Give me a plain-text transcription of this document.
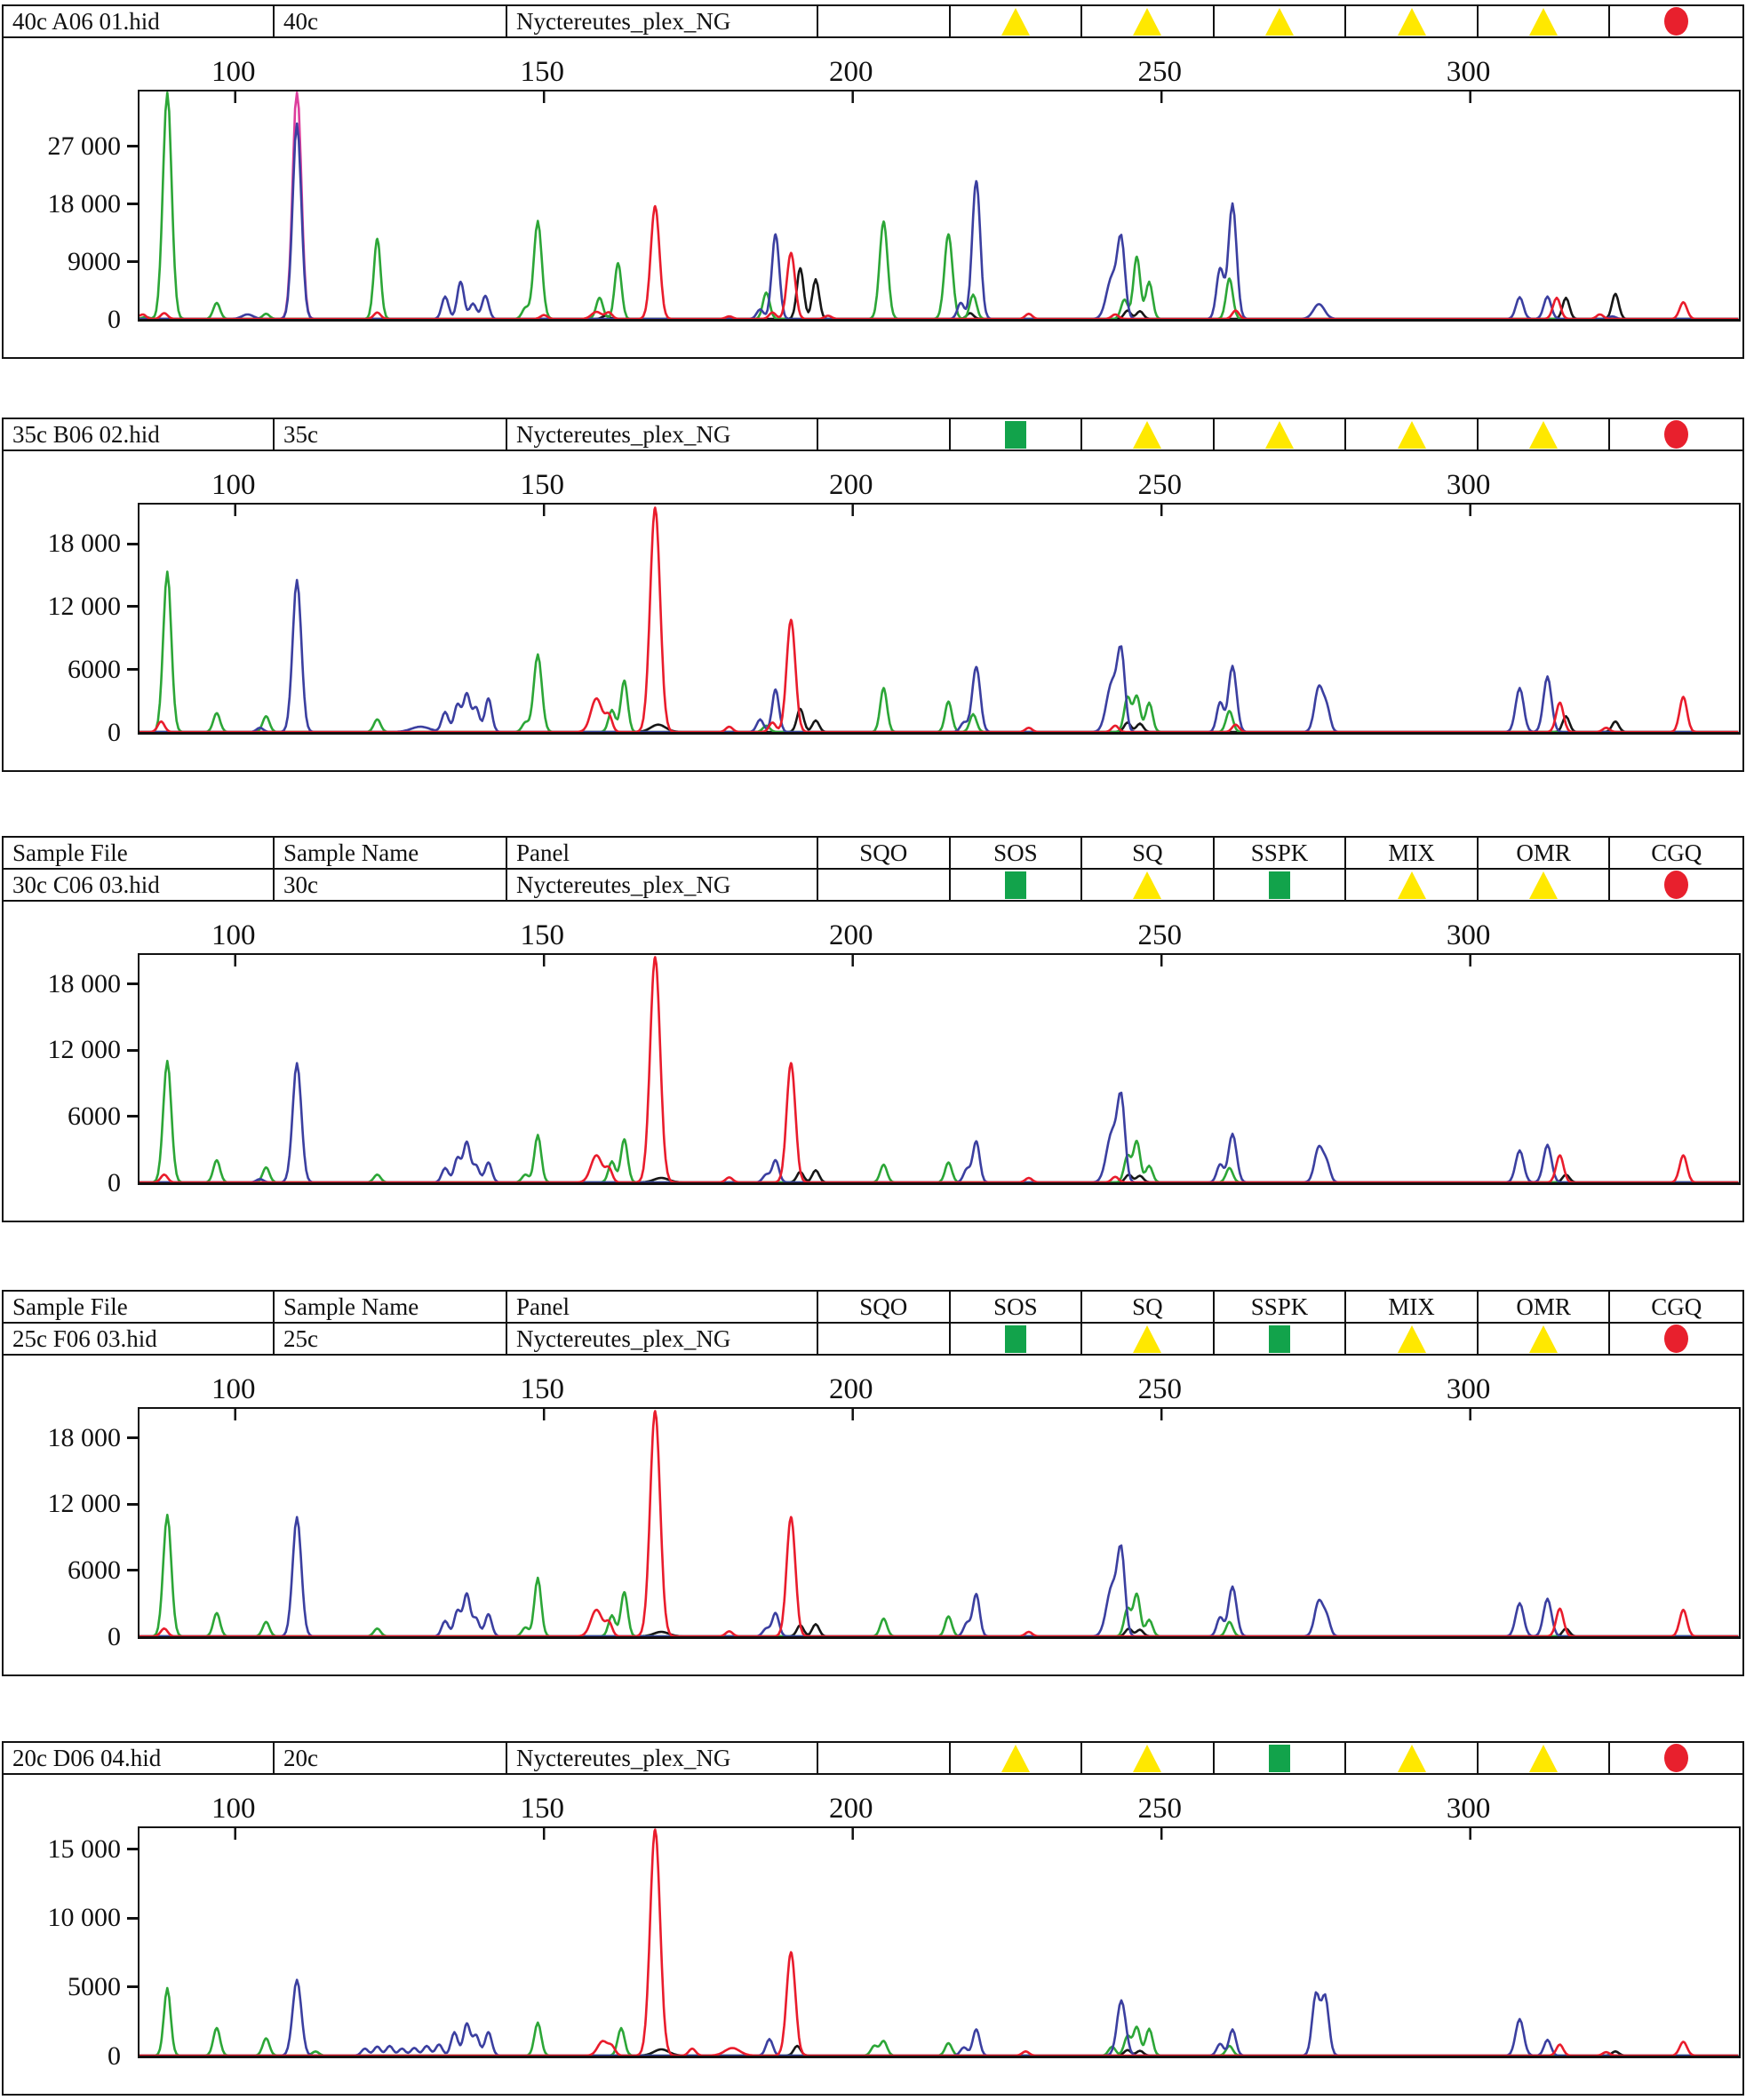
40c A06 01.hid	40c	Nyctereutes_plex_NG
100	150	200	250	300
27 000
18 000
9000
0
35c B06 02.hid	35c	Nyctereutes_plex_NG
100	150	200	250	300
18 000
12 000
6000
0
Sample File	Sample Name	Panel	SQO	SOS	SQ	SSPK	MIX	OMR	CGQ
30c C06 03.hid	30c	Nyctereutes_plex_NG
100	150	200	250	300
18 000
12 000
6000
0
Sample File	Sample Name	Panel	SQO	SOS	SQ	SSPK	MIX	OMR	CGQ
25c F06 03.hid	25c	Nyctereutes_plex_NG
100	150	200	250	300
18 000
12 000
6000
0
20c D06 04.hid	20c	Nyctereutes_plex_NG
100	150	200	250	300
15 000
10 000
5000
0
